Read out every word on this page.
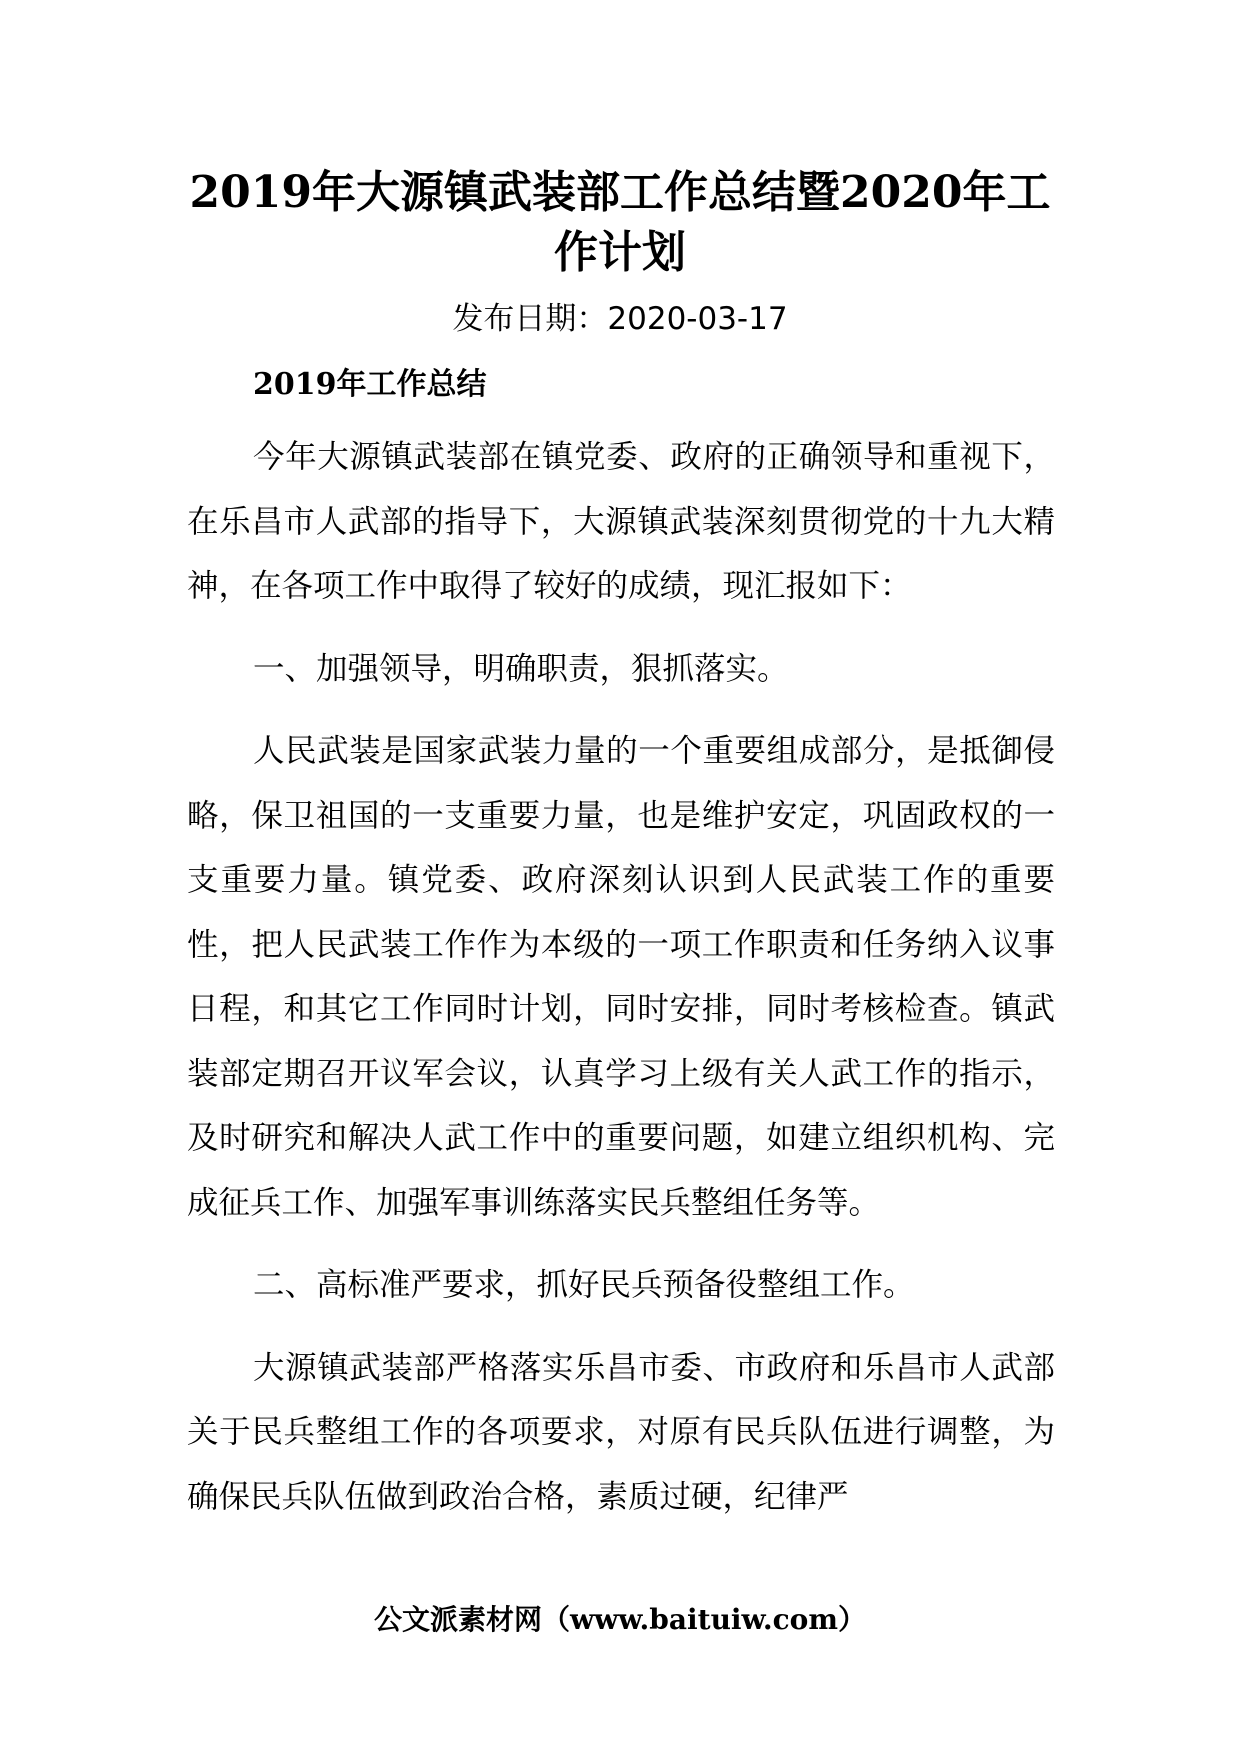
2019年大源镇武装部工作总结暨2020年工作计划
发布日期：2020-03-17

2019年工作总结

今年大源镇武装部在镇党委、政府的正确领导和重视下，在乐昌市人武部的指导下，大源镇武装深刻贯彻党的十九大精神，在各项工作中取得了较好的成绩，现汇报如下：

一、加强领导，明确职责，狠抓落实。

人民武装是国家武装力量的一个重要组成部分，是抵御侵略，保卫祖国的一支重要力量，也是维护安定，巩固政权的一支重要力量。镇党委、政府深刻认识到人民武装工作的重要性，把人民武装工作作为本级的一项工作职责和任务纳入议事日程，和其它工作同时计划，同时安排，同时考核检查。镇武装部定期召开议军会议，认真学习上级有关人武工作的指示，及时研究和解决人武工作中的重要问题，如建立组织机构、完成征兵工作、加强军事训练落实民兵整组任务等。

二、高标准严要求，抓好民兵预备役整组工作。

大源镇武装部严格落实乐昌市委、市政府和乐昌市人武部关于民兵整组工作的各项要求，对原有民兵队伍进行调整，为确保民兵队伍做到政治合格，素质过硬，纪律严

公文派素材网（www.baituiw.com）
